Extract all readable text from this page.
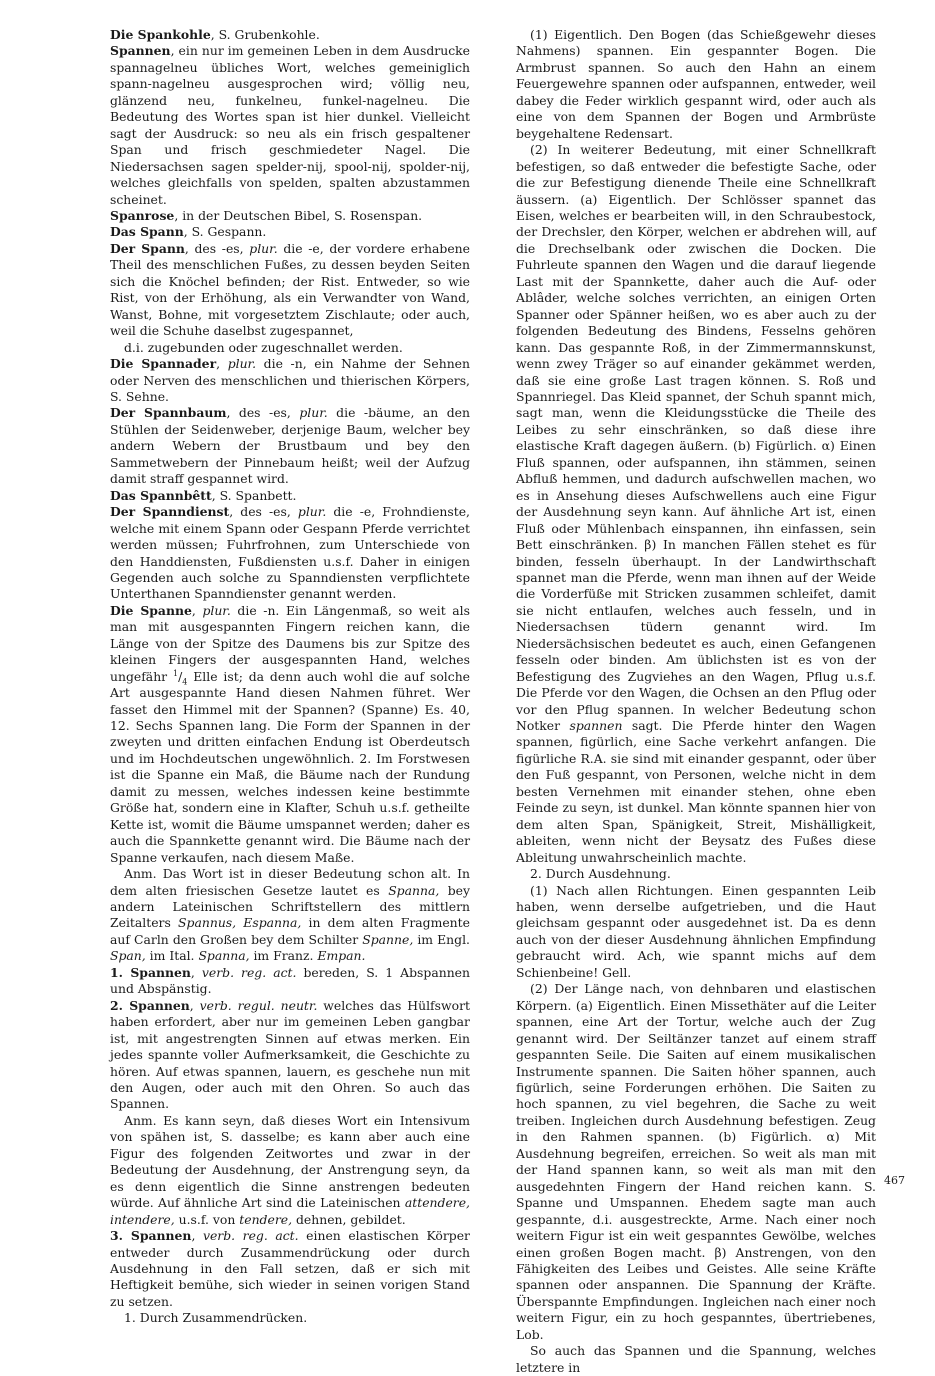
Die Spankohle, S. Grubenkohle.

Spannen, ein nur im gemeinen Leben in dem Ausdrucke spannagelneu übliches Wort, welches gemeiniglich spann-nagelneu ausgesprochen wird; völlig neu, glänzend neu, funkelneu, funkel-nagelneu. Die Bedeutung des Wortes span ist hier dunkel. Vielleicht sagt der Ausdruck: so neu als ein frisch gespaltener Span und frisch geschmiedeter Nagel. Die Niedersachsen sagen spelder-nij, spool-nij, spolder-nij, welches gleichfalls von spelden, spalten abzustammen scheinet.

Spanrose, in der Deutschen Bibel, S. Rosenspan.

Das Spann, S. Gespann.

Der Spann, des -es, plur. die -e, der vordere erhabene Theil des menschlichen Fußes, zu dessen beyden Seiten sich die Knöchel befinden; der Rist. Entweder, so wie Rist, von der Erhöhung, als ein Verwandter von Wand, Wanst, Bohne, mit vorgesetztem Zischlaute; oder auch, weil die Schuhe daselbst zugespannet,

d.i. zugebunden oder zugeschnallet werden.

Die Spannader, plur. die -n, ein Nahme der Sehnen oder Nerven des menschlichen und thierischen Körpers, S. Sehne.

Der Spannbaum, des -es, plur. die -bäume, an den Stühlen der Seidenweber, derjenige Baum, welcher bey andern Webern der Brustbaum und bey den Sammetwebern der Pinnebaum heißt; weil der Aufzug damit straff gespannet wird.

Das Spannbêtt, S. Spanbett.

Der Spanndienst, des -es, plur. die -e, Frohndienste, welche mit einem Spann oder Gespann Pferde verrichtet werden müssen; Fuhrfrohnen, zum Unterschiede von den Handdiensten, Fußdiensten u.s.f. Daher in einigen Gegenden auch solche zu Spanndiensten verpflichtete Unterthanen Spanndienster genannt werden.

Die Spanne, plur. die -n. Ein Längenmaß, so weit als man mit ausgespannten Fingern reichen kann, die Länge von der Spitze des Daumens bis zur Spitze des kleinen Fingers der ausgespannten Hand, welches ungefähr $^1/_4$ Elle ist; da denn auch wohl die auf solche Art ausgespannte Hand diesen Nahmen führet. Wer fasset den Himmel mit der Spannen? (Spanne) Es. 40, 12. Sechs Spannen lang. Die Form der Spannen in der zweyten und dritten einfachen Endung ist Oberdeutsch und im Hochdeutschen ungewöhnlich. 2. Im Forstwesen ist die Spanne ein Maß, die Bäume nach der Rundung damit zu messen, welches indessen keine bestimmte Größe hat, sondern eine in Klafter, Schuh u.s.f. getheilte Kette ist, womit die Bäume umspannet werden; daher es auch die Spannkette genannt wird. Die Bäume nach der Spanne verkaufen, nach diesem Maße.

Anm. Das Wort ist in dieser Bedeutung schon alt. In dem alten friesischen Gesetze lautet es Spanna, bey andern Lateinischen Schriftstellern des mittlern Zeitalters Spannus, Espanna, in dem alten Fragmente auf Carln den Großen bey dem Schilter Spanne, im Engl. Span, im Ital. Spanna, im Franz. Empan.

1. Spannen, verb. reg. act. bereden, S. 1 Abspannen und Abspänstig.

2. Spannen, verb. regul. neutr. welches das Hülfswort haben erfordert, aber nur im gemeinen Leben gangbar ist, mit angestrengten Sinnen auf etwas merken. Ein jedes spannte voller Aufmerksamkeit, die Geschichte zu hören. Auf etwas spannen, lauern, es geschehe nun mit den Augen, oder auch mit den Ohren. So auch das Spannen.

Anm. Es kann seyn, daß dieses Wort ein Intensivum von spähen ist, S. dasselbe; es kann aber auch eine Figur des folgenden Zeitwortes und zwar in der Bedeutung der Ausdehnung, der Anstrengung seyn, da es denn eigentlich die Sinne anstrengen bedeuten würde. Auf ähnliche Art sind die Lateinischen attendere, intendere, u.s.f. von tendere, dehnen, gebildet.

3. Spannen, verb. reg. act. einen elastischen Körper entweder durch Zusammendrückung oder durch Ausdehnung in den Fall setzen, daß er sich mit Heftigkeit bemühe, sich wieder in seinen vorigen Stand zu setzen.

1. Durch Zusammendrücken.

(1) Eigentlich. Den Bogen (das Schießgewehr dieses Nahmens) spannen. Ein gespannter Bogen. Die Armbrust spannen. So auch den Hahn an einem Feuergewehre spannen oder aufspannen, entweder, weil dabey die Feder wirklich gespannt wird, oder auch als eine von dem Spannen der Bogen und Armbrüste beygehaltene Redensart.

(2) In weiterer Bedeutung, mit einer Schnellkraft befestigen, so daß entweder die befestigte Sache, oder die zur Befestigung dienende Theile eine Schnellkraft äussern. (a) Eigentlich. Der Schlösser spannet das Eisen, welches er bearbeiten will, in den Schraubestock, der Drechsler, den Körper, welchen er abdrehen will, auf die Drechselbank oder zwischen die Docken. Die Fuhrleute spannen den Wagen und die darauf liegende Last mit der Spannkette, daher auch die Auf- oder Ablâder, welche solches verrichten, an einigen Orten Spanner oder Spänner heißen, wo es aber auch zu der folgenden Bedeutung des Bindens, Fesselns gehören kann. Das gespannte Roß, in der Zimmermannskunst, wenn zwey Träger so auf einander gekämmet werden, daß sie eine große Last tragen können. S. Roß und Spannriegel. Das Kleid spannet, der Schuh spannt mich, sagt man, wenn die Kleidungsstücke die Theile des Leibes zu sehr einschränken, so daß diese ihre elastische Kraft dagegen äußern. (b) Figürlich. α) Einen Fluß spannen, oder aufspannen, ihn stämmen, seinen Abfluß hemmen, und dadurch aufschwellen machen, wo es in Ansehung dieses Aufschwellens auch eine Figur der Ausdehnung seyn kann. Auf ähnliche Art ist, einen Fluß oder Mühlenbach einspannen, ihn einfassen, sein Bett einschränken. β) In manchen Fällen stehet es für binden, fesseln überhaupt. In der Landwirthschaft spannet man die Pferde, wenn man ihnen auf der Weide die Vorderfüße mit Stricken zusammen schleifet, damit sie nicht entlaufen, welches auch fesseln, und in Niedersachsen tüdern genannt wird. Im Niedersächsischen bedeutet es auch, einen Gefangenen fesseln oder binden. Am üblichsten ist es von der Befestigung des Zugviehes an den Wagen, Pflug u.s.f. Die Pferde vor den Wagen, die Ochsen an den Pflug oder vor den Pflug spannen. In welcher Bedeutung schon Notker spannen sagt. Die Pferde hinter den Wagen spannen, figürlich, eine Sache verkehrt anfangen. Die figürliche R.A. sie sind mit einander gespannt, oder über den Fuß gespannt, von Personen, welche nicht in dem besten Vernehmen mit einander stehen, ohne eben Feinde zu seyn, ist dunkel. Man könnte spannen hier von dem alten Span, Spänigkeit, Streit, Mishälligkeit, ableiten, wenn nicht der Beysatz des Fußes diese Ableitung unwahrscheinlich machte.

2. Durch Ausdehnung.

(1) Nach allen Richtungen. Einen gespannten Leib haben, wenn derselbe aufgetrieben, und die Haut gleichsam gespannt oder ausgedehnet ist. Da es denn auch von der dieser Ausdehnung ähnlichen Empfindung gebraucht wird. Ach, wie spannt michs auf dem Schienbeine! Gell.

(2) Der Länge nach, von dehnbaren und elastischen Körpern. (a) Eigentlich. Einen Missethäter auf die Leiter spannen, eine Art der Tortur, welche auch der Zug genannt wird. Der Seiltänzer tanzet auf einem straff gespannten Seile. Die Saiten auf einem musikalischen Instrumente spannen. Die Saiten höher spannen, auch figürlich, seine Forderungen erhöhen. Die Saiten zu hoch spannen, zu viel begehren, die Sache zu weit treiben. Ingleichen durch Ausdehnung befestigen. Zeug in den Rahmen spannen. (b) Figürlich. α) Mit Ausdehnung begreifen, erreichen. So weit als man mit der Hand spannen kann, so weit als man mit den ausgedehnten Fingern der Hand reichen kann. S. Spanne und Umspannen. Ehedem sagte man auch gespannte, d.i. ausgestreckte, Arme. Nach einer noch weitern Figur ist ein weit gespanntes Gewölbe, welches einen großen Bogen macht. β) Anstrengen, von den Fähigkeiten des Leibes und Geistes. Alle seine Kräfte spannen oder anspannen. Die Spannung der Kräfte. Überspannte Empfindungen. Ingleichen nach einer noch weitern Figur, ein zu hoch gespanntes, übertriebenes, Lob.

So auch das Spannen und die Spannung, welches letztere in

467
